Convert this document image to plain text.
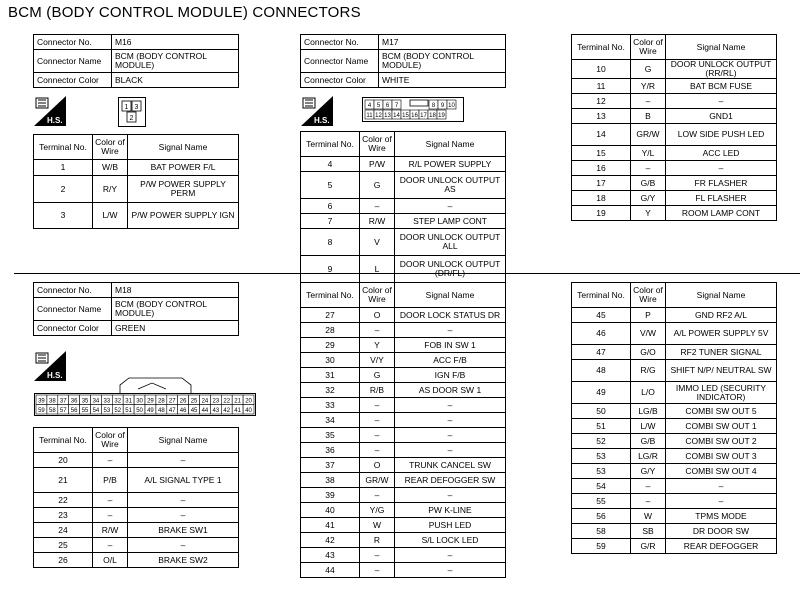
BCM (BODY CONTROL MODULE) CONNECTORS
Connector No.	M16
Connector Name	BCM (BODY CONTROL MODULE)
Connector Color	BLACK
H.S.
1 3
2
Terminal No.	Color of Wire	Signal Name
1	W/B	BAT POWER F/L
2	R/Y	P/W POWER SUPPLY PERM
3	L/W	P/W POWER SUPPLY IGN
Connector No.	M17
Connector Name	BCM (BODY CONTROL MODULE)
Connector Color	WHITE
H.S.
4 5 6 7	8 9 10
11 12 13 14 15 16 17 18 19
Terminal No.	Color of Wire	Signal Name
4	P/W	R/L POWER SUPPLY
5	G	DOOR UNLOCK OUTPUT AS
6	–	–
7	R/W	STEP LAMP CONT
8	V	DOOR UNLOCK OUTPUT ALL
9	L	DOOR UNLOCK OUTPUT (DR/FL)
Terminal No.	Color of Wire	Signal Name
10	G	DOOR UNLOCK OUTPUT (RR/RL)
11	Y/R	BAT BCM FUSE
12	–	–
13	B	GND1
14	GR/W	LOW SIDE PUSH LED
15	Y/L	ACC LED
16	–	–
17	G/B	FR FLASHER
18	G/Y	FL FLASHER
19	Y	ROOM LAMP CONT
Connector No.	M18
Connector Name	BCM (BODY CONTROL MODULE)
Connector Color	GREEN
H.S.
39 38 37 36 35 34 33 32 31 30 29 28 27 26 25 24 23 22 21 20
59 58 57 56 55 54 53 52 51 50 49 48 47 46 45 44 43 42 41 40
Terminal No.	Color of Wire	Signal Name
20	–	–
21	P/B	A/L SIGNAL TYPE 1
22	–	–
23	–	–
24	R/W	BRAKE SW1
25	–	–
26	O/L	BRAKE SW2
Terminal No.	Color of Wire	Signal Name
27	O	DOOR LOCK STATUS DR
28	–	–
29	Y	FOB IN SW 1
30	V/Y	ACC F/B
31	G	IGN F/B
32	R/B	AS DOOR SW 1
33	–	–
34	–	–
35	–	–
36	–	–
37	O	TRUNK CANCEL SW
38	GR/W	REAR DEFOGGER SW
39	–	–
40	Y/G	PW K-LINE
41	W	PUSH LED
42	R	S/L LOCK LED
43	–	–
44	–	–
Terminal No.	Color of Wire	Signal Name
45	P	GND RF2 A/L
46	V/W	A/L POWER SUPPLY 5V
47	G/O	RF2 TUNER SIGNAL
48	R/G	SHIFT N/P/ NEUTRAL SW
49	L/O	IMMO LED (SECURITY INDICATOR)
50	LG/B	COMBI SW OUT 5
51	L/W	COMBI SW OUT 1
52	G/B	COMBI SW OUT 2
53	LG/R	COMBI SW OUT 3
53	G/Y	COMBI SW OUT 4
54	–	–
55	–	–
56	W	TPMS MODE
58	SB	DR DOOR SW
59	G/R	REAR DEFOGGER
